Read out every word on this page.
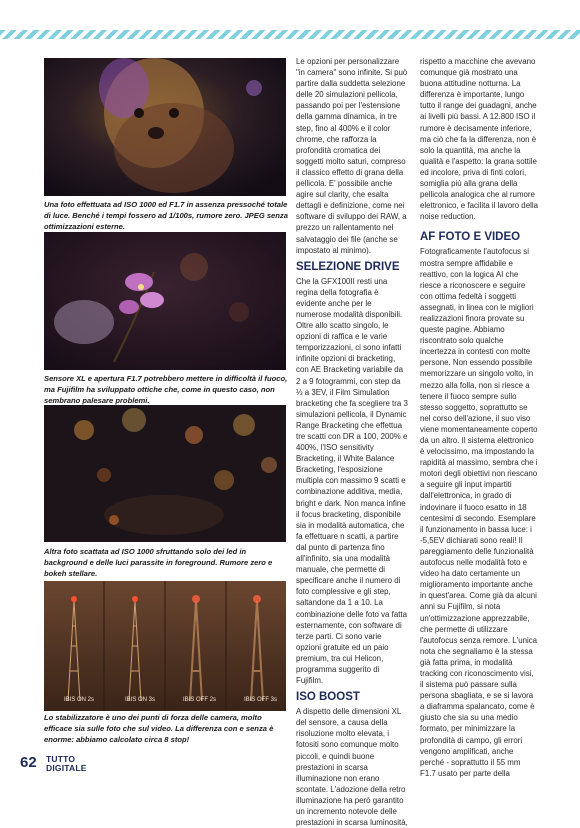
Una foto effettuata ad ISO 1000 ed F1.7 in assenza pressoché totale di luce. Benché i tempi fossero ad 1/100s, rumore zero. JPEG senza ottimizzazioni esterne.

Sensore XL e apertura F1.7 potrebbero mettere in difficoltà il fuoco, ma Fujifilm ha sviluppato ottiche che, come in questo caso, non sembrano palesare problemi.

Altra foto scattata ad ISO 1000 sfruttando solo dei led in background e delle luci parassite in foreground. Rumore zero e bokeh stellare.

IBIS ON 2s	IBIS ON 3s	IBIS OFF 2s	IBIS OFF 3s

Lo stabilizzatore è uno dei punti di forza delle camera, molto efficace sia sulle foto che sul video. La differenza con e senza è enorme: abbiamo calcolato circa 8 stop!

Le opzioni per personalizzare "in camera" sono infinite. Si può partire dalla suddetta selezione delle 20 simulazioni pellicola, passando poi per l'estensione della gamma dinamica, in tre step, fino al 400% e il color chrome, che rafforza la profondità cromatica dei soggetti molto saturi, compreso il classico effetto di grana della pellicola. E' possibile anche agire sul clarity, che esalta dettagli e definizione, come nei software di sviluppo dei RAW, a prezzo un rallentamento nel salvataggio dei file (anche se impostato al minimo).

SELEZIONE DRIVE

Che la GFX100II resti una regina della fotografia è evidente anche per le numerose modalità disponibili. Oltre allo scatto singolo, le opzioni di raffica e le varie temporizzazioni, ci sono infatti infinite opzioni di bracketing, con AE Bracketing variabile da 2 a 9 fotogrammi, con step da ⅓ a 3EV, il Film Simulation bracketing che fa scegliere tra 3 simulazioni pellicola, il Dynamic Range Bracketing che effettua tre scatti con DR a 100, 200% e 400%, l'ISO sensitivity Bracketing, il White Balance Bracketing, l'esposizione multipla con massimo 9 scatti e combinazione additiva, media, bright e dark. Non manca infine il focus bracketing, disponibile sia in modalità automatica, che fa effettuare n scatti, a partire dal punto di partenza fino all'infinito, sia una modalità manuale, che permette di specificare anche il numero di foto complessive e gli step, saltandone da 1 a 10. La combinazione delle foto va fatta esternamente, con software di terze parti. Ci sono varie opzioni gratuite ed un paio premium, tra cui Helicon, programma suggerito di Fujifilm.

ISO BOOST

A dispetto delle dimensioni XL del sensore, a causa della risoluzione molto elevata, i fotositi sono comunque molto piccoli, e quindi buone prestazioni in scarsa illuminazione non erano scontate. L'adozione della retro illuminazione ha però garantito un incremento notevole delle prestazioni in scarsa luminosità,

rispetto a macchine che avevano comunque già mostrato una buona attitudine notturna. La differenza è importante, lungo tutto il range dei guadagni, anche ai livelli più bassi. A 12.800 ISO il rumore è decisamente inferiore, ma ciò che fa la differenza, non è solo la quantità, ma anche la qualità e l'aspetto: la grana sottile ed incolore, priva di finti colori, somiglia più alla grana della pellicola analogica che al rumore elettronico, e facilita il lavoro della noise reduction.

AF FOTO E VIDEO

Fotograficamente l'autofocus si mostra sempre affidabile e reattivo, con la logica AI che riesce a riconoscere e seguire con ottima fedeltà i soggetti assegnati, in linea con le migliori realizzazioni finora provate su queste pagine. Abbiamo riscontrato solo qualche incertezza in contesti con molte persone. Non essendo possibile memorizzare un singolo volto, in mezzo alla folla, non si riesce a tenere il fuoco sempre sullo stesso soggetto, soprattutto se nel corso dell'azione, il suo viso viene momentaneamente coperto da un altro. Il sistema elettronico è velocissimo, ma impostando la rapidità al massimo, sembra che i motori degli obiettivi non riescano a seguire gli input impartiti dall'elettronica, in grado di indovinare il fuoco esatto in 18 centesimi di secondo. Esemplare il funzionamento in bassa luce: i -5,5EV dichiarati sono reali! Il pareggiamento delle funzionalità autofocus nelle modalità foto e video ha dato certamente un miglioramento importante anche in quest'area. Come già da alcuni anni su Fujifilm, si nota un'ottimizzazione apprezzabile, che permette di utilizzare l'autofocus senza remore. L'unica nota che segnaliamo è la stessa già fatta prima, in modalità tracking con riconoscimento visi, il sistema può passare sulla persona sbagliata, e se si lavora a diaframma spalancato, come è giusto che sia su una medio formato, per minimizzare la profondità di campo, gli errori vengono amplificati, anche perché - soprattutto il 55 mm F1.7 usato per parte della

62 TUTTO
DIGITALE
